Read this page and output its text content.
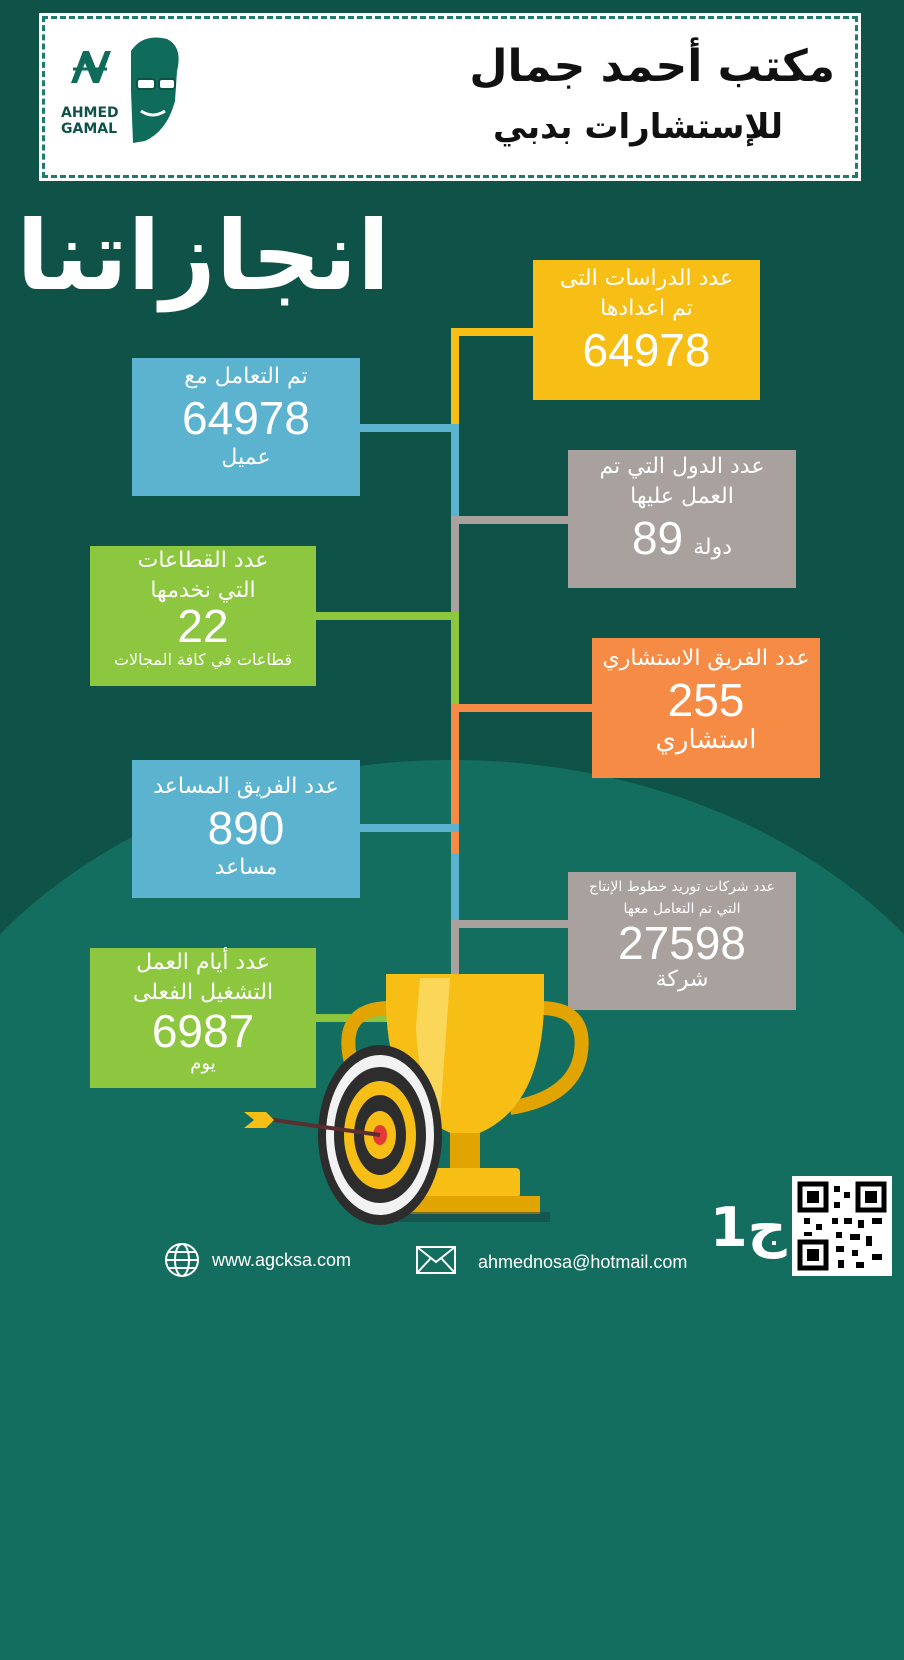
AHMED GAMAL
مكتب أحمد جمال
للإستشارات بدبي
انجازاتنا	عدد الدراسات التى تم اعدادها
64978
تم التعامل مع
64978
عميل	عدد الدول التي تم العمل عليها
89 دولة
عدد القطاعات التي نخدمها
22
قطاعات في كافة المجالات	عدد الفريق الاستشاري
255
استشاري
عدد الفريق المساعد
890
مساعد
عدد شركات توريد خطوط الإنتاج التي تم التعامل معها
27598
شركة
عدد أيام العمل التشغيل الفعلى
6987
يوم
www.agcksa.com	ahmednosa@hotmail.com
ج1
